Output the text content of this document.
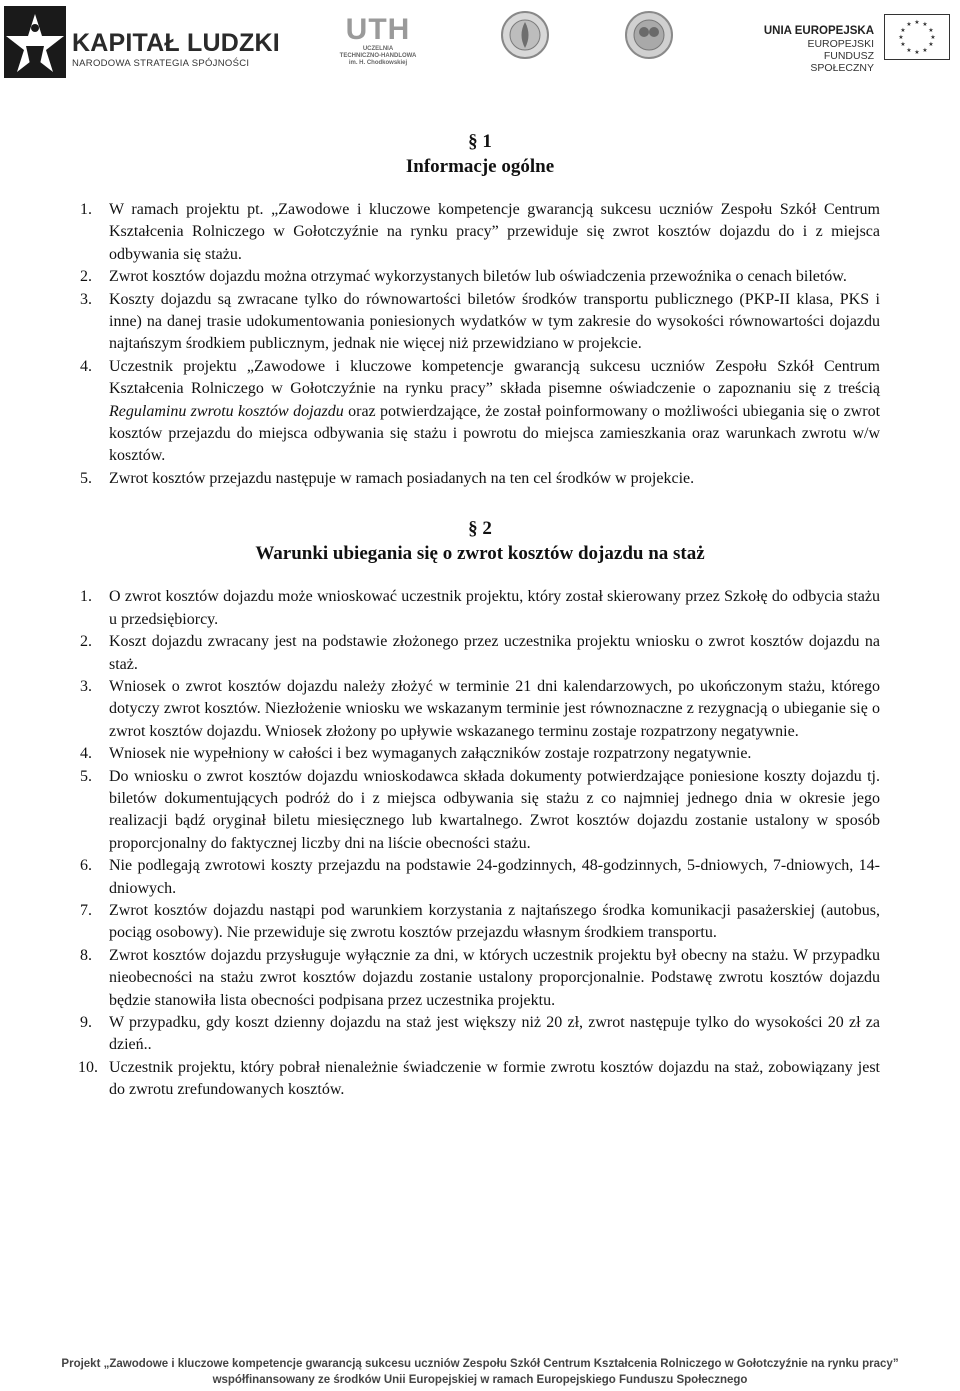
KAPITAŁ LUDZKI
NARODOWA STRATEGIA SPÓJNOŚCI
UTH
UCZELNIA
TECHNICZNO-HANDLOWA
im. H. Chodkowskiej
UNIA EUROPEJSKA
EUROPEJSKI
FUNDUSZ SPOŁECZNY
★ ★
★
★
★
★
★
★
★
★
★
★
§ 1
Informacje ogólne
1. W ramach projektu pt. „Zawodowe i kluczowe kompetencje gwarancją sukcesu uczniów Zespołu Szkół Centrum Kształcenia Rolniczego w Gołotczyźnie na rynku pracy” przewiduje się zwrot kosztów dojazdu do i z miejsca odbywania się stażu.
2. Zwrot kosztów dojazdu można otrzymać wykorzystanych biletów lub oświadczenia przewoźnika o cenach biletów.
3. Koszty dojazdu są zwracane tylko do równowartości biletów środków transportu publicznego (PKP-II klasa, PKS i inne) na danej trasie udokumentowania poniesionych wydatków w tym zakresie do wysokości równowartości dojazdu najtańszym środkiem publicznym, jednak nie więcej niż przewidziano w projekcie.
4. Uczestnik projektu „Zawodowe i kluczowe kompetencje gwarancją sukcesu uczniów Zespołu Szkół Centrum Kształcenia Rolniczego w Gołotczyźnie na rynku pracy” składa pisemne oświadczenie o zapoznaniu się z treścią Regulaminu zwrotu kosztów dojazdu oraz potwierdzające, że został poinformowany o możliwości ubiegania się o zwrot kosztów przejazdu do miejsca odbywania się stażu i powrotu do miejsca zamieszkania oraz warunkach zwrotu w/w kosztów.
5. Zwrot kosztów przejazdu następuje w ramach posiadanych na ten cel środków w projekcie.
§ 2
Warunki ubiegania się o zwrot kosztów dojazdu na staż
1. O zwrot kosztów dojazdu może wnioskować uczestnik projektu, który został skierowany przez Szkołę do odbycia stażu u przedsiębiorcy.
2. Koszt dojazdu zwracany jest na podstawie złożonego przez uczestnika projektu wniosku o zwrot kosztów dojazdu na staż.
3. Wniosek o zwrot kosztów dojazdu należy złożyć w terminie 21 dni kalendarzowych, po ukończonym stażu, którego dotyczy zwrot kosztów. Niezłożenie wniosku we wskazanym terminie jest równoznaczne z rezygnacją o ubieganie się o zwrot kosztów dojazdu. Wniosek złożony po upływie wskazanego terminu zostaje rozpatrzony negatywnie.
4. Wniosek nie wypełniony w całości i bez wymaganych załączników zostaje rozpatrzony negatywnie.
5. Do wniosku o zwrot kosztów dojazdu wnioskodawca składa dokumenty potwierdzające poniesione koszty dojazdu tj. biletów dokumentujących podróż do i z miejsca odbywania się stażu z co najmniej jednego dnia w okresie jego realizacji bądź oryginał biletu miesięcznego lub kwartalnego. Zwrot kosztów dojazdu zostanie ustalony w sposób proporcjonalny do faktycznej liczby dni na liście obecności stażu.
6. Nie podlegają zwrotowi koszty przejazdu na podstawie 24-godzinnych, 48-godzinnych, 5-dniowych, 7-dniowych, 14-dniowych.
7. Zwrot kosztów dojazdu nastąpi pod warunkiem korzystania z najtańszego środka komunikacji pasażerskiej (autobus, pociąg osobowy). Nie przewiduje się zwrotu kosztów przejazdu własnym środkiem transportu.
8. Zwrot kosztów dojazdu przysługuje wyłącznie za dni, w których uczestnik projektu był obecny na stażu. W przypadku nieobecności na stażu zwrot kosztów dojazdu zostanie ustalony proporcjonalnie. Podstawę zwrotu kosztów dojazdu będzie stanowiła lista obecności podpisana przez uczestnika projektu.
9. W przypadku, gdy koszt dzienny dojazdu na staż jest większy niż 20 zł, zwrot następuje tylko do wysokości 20 zł za dzień..
10. Uczestnik projektu, który pobrał nienależnie świadczenie w formie zwrotu kosztów dojazdu na staż, zobowiązany jest do zwrotu zrefundowanych kosztów.
Projekt „Zawodowe i kluczowe kompetencje gwarancją sukcesu uczniów Zespołu Szkół Centrum Kształcenia Rolniczego w Gołotczyźnie na rynku pracy”
współfinansowany ze środków Unii Europejskiej w ramach Europejskiego Funduszu Społecznego
